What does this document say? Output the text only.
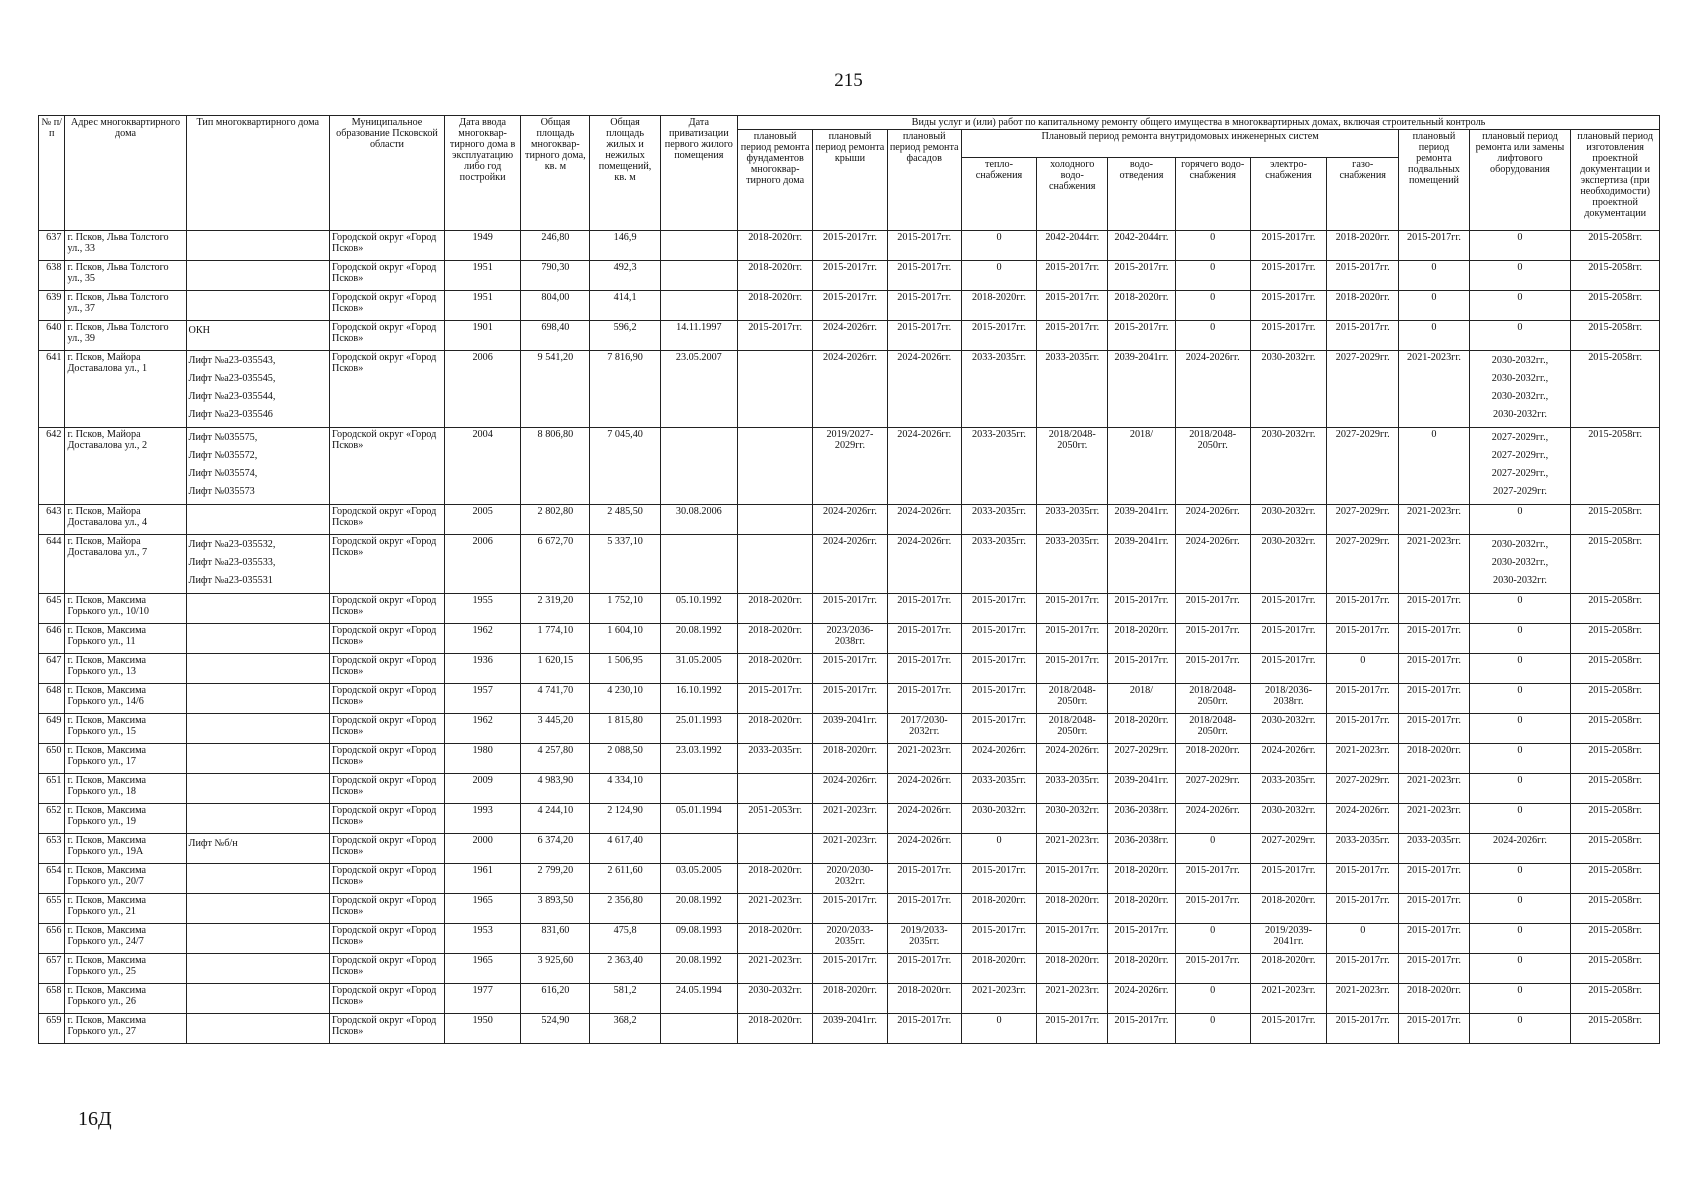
215
№ п/п	Адрес многоквартирного дома	Тип многоквартирного дома	Муниципальное образование Псковской области	Дата ввода многоквар-тирного дома в эксплуатацию либо год постройки	Общая площадь многоквар-тирного дома, кв. м	Общая площадь жилых и нежилых помещений, кв. м	Дата приватизации первого жилого помещения	Виды услуг и (или) работ по капитальному ремонту общего имущества в многоквартирных домах, включая строительный контроль											
								плановый период ремонта фундаментов многоквар-тирного дома	плановый период ремонта крыши	плановый период ремонта фасадов	Плановый период ремонта внутридомовых инженерных систем						плановый период ремонта подвальных помещений	плановый период ремонта или замены лифтового оборудования	плановый период изготовления проектной документации и экспертиза (при необходимости) проектной документации
											тепло-снабжения	холодного водо-снабжения	водо-отведения	горячего водо-снабжения	электро-снабжения	газо-снабжения			
637	г. Псков, Льва Толстого ул., 33		Городской округ «Город Псков»	1949	246,80	146,9		2018-2020гг.	2015-2017гг.	2015-2017гг.	0	2042-2044гг.	2042-2044гг.	0	2015-2017гг.	2018-2020гг.	2015-2017гг.	0	2015-2058гг.
638	г. Псков, Льва Толстого ул., 35		Городской округ «Город Псков»	1951	790,30	492,3		2018-2020гг.	2015-2017гг.	2015-2017гг.	0	2015-2017гг.	2015-2017гг.	0	2015-2017гг.	2015-2017гг.	0	0	2015-2058гг.
639	г. Псков, Льва Толстого ул., 37		Городской округ «Город Псков»	1951	804,00	414,1		2018-2020гг.	2015-2017гг.	2015-2017гг.	2018-2020гг.	2015-2017гг.	2018-2020гг.	0	2015-2017гг.	2018-2020гг.	0	0	2015-2058гг.
640	г. Псков, Льва Толстого ул., 39	ОКН	Городской округ «Город Псков»	1901	698,40	596,2	14.11.1997	2015-2017гг.	2024-2026гг.	2015-2017гг.	2015-2017гг.	2015-2017гг.	2015-2017гг.	0	2015-2017гг.	2015-2017гг.	0	0	2015-2058гг.
641	г. Псков, Майора Доставалова ул., 1	Лифт №а23-035543,
Лифт №а23-035545,
Лифт №а23-035544,
Лифт №а23-035546	Городской округ «Город Псков»	2006	9 541,20	7 816,90	23.05.2007		2024-2026гг.	2024-2026гг.	2033-2035гг.	2033-2035гг.	2039-2041гг.	2024-2026гг.	2030-2032гг.	2027-2029гг.	2021-2023гг.	2030-2032гг.,
2030-2032гг.,
2030-2032гг.,
2030-2032гг.	2015-2058гг.
642	г. Псков, Майора Доставалова ул., 2	Лифт №035575,
Лифт №035572,
Лифт №035574,
Лифт №035573	Городской округ «Город Псков»	2004	8 806,80	7 045,40			2019/2027-2029гг.	2024-2026гг.	2033-2035гг.	2018/2048-2050гг.	2018/	2018/2048-2050гг.	2030-2032гг.	2027-2029гг.	0	2027-2029гг.,
2027-2029гг.,
2027-2029гг.,
2027-2029гг.	2015-2058гг.
643	г. Псков, Майора Доставалова ул., 4		Городской округ «Город Псков»	2005	2 802,80	2 485,50	30.08.2006		2024-2026гг.	2024-2026гг.	2033-2035гг.	2033-2035гг.	2039-2041гг.	2024-2026гг.	2030-2032гг.	2027-2029гг.	2021-2023гг.	0	2015-2058гг.
644	г. Псков, Майора Доставалова ул., 7	Лифт №а23-035532,
Лифт №а23-035533,
Лифт №а23-035531	Городской округ «Город Псков»	2006	6 672,70	5 337,10			2024-2026гг.	2024-2026гг.	2033-2035гг.	2033-2035гг.	2039-2041гг.	2024-2026гг.	2030-2032гг.	2027-2029гг.	2021-2023гг.	2030-2032гг.,
2030-2032гг.,
2030-2032гг.	2015-2058гг.
645	г. Псков, Максима Горького ул., 10/10		Городской округ «Город Псков»	1955	2 319,20	1 752,10	05.10.1992	2018-2020гг.	2015-2017гг.	2015-2017гг.	2015-2017гг.	2015-2017гг.	2015-2017гг.	2015-2017гг.	2015-2017гг.	2015-2017гг.	2015-2017гг.	0	2015-2058гг.
646	г. Псков, Максима Горького ул., 11		Городской округ «Город Псков»	1962	1 774,10	1 604,10	20.08.1992	2018-2020гг.	2023/2036-2038гг.	2015-2017гг.	2015-2017гг.	2015-2017гг.	2018-2020гг.	2015-2017гг.	2015-2017гг.	2015-2017гг.	2015-2017гг.	0	2015-2058гг.
647	г. Псков, Максима Горького ул., 13		Городской округ «Город Псков»	1936	1 620,15	1 506,95	31.05.2005	2018-2020гг.	2015-2017гг.	2015-2017гг.	2015-2017гг.	2015-2017гг.	2015-2017гг.	2015-2017гг.	2015-2017гг.	0	2015-2017гг.	0	2015-2058гг.
648	г. Псков, Максима Горького ул., 14/6		Городской округ «Город Псков»	1957	4 741,70	4 230,10	16.10.1992	2015-2017гг.	2015-2017гг.	2015-2017гг.	2015-2017гг.	2018/2048-2050гг.	2018/	2018/2048-2050гг.	2018/2036-2038гг.	2015-2017гг.	2015-2017гг.	0	2015-2058гг.
649	г. Псков, Максима Горького ул., 15		Городской округ «Город Псков»	1962	3 445,20	1 815,80	25.01.1993	2018-2020гг.	2039-2041гг.	2017/2030-2032гг.	2015-2017гг.	2018/2048-2050гг.	2018-2020гг.	2018/2048-2050гг.	2030-2032гг.	2015-2017гг.	2015-2017гг.	0	2015-2058гг.
650	г. Псков, Максима Горького ул., 17		Городской округ «Город Псков»	1980	4 257,80	2 088,50	23.03.1992	2033-2035гг.	2018-2020гг.	2021-2023гг.	2024-2026гг.	2024-2026гг.	2027-2029гг.	2018-2020гг.	2024-2026гг.	2021-2023гг.	2018-2020гг.	0	2015-2058гг.
651	г. Псков, Максима Горького ул., 18		Городской округ «Город Псков»	2009	4 983,90	4 334,10			2024-2026гг.	2024-2026гг.	2033-2035гг.	2033-2035гг.	2039-2041гг.	2027-2029гг.	2033-2035гг.	2027-2029гг.	2021-2023гг.	0	2015-2058гг.
652	г. Псков, Максима Горького ул., 19		Городской округ «Город Псков»	1993	4 244,10	2 124,90	05.01.1994	2051-2053гг.	2021-2023гг.	2024-2026гг.	2030-2032гг.	2030-2032гг.	2036-2038гг.	2024-2026гг.	2030-2032гг.	2024-2026гг.	2021-2023гг.	0	2015-2058гг.
653	г. Псков, Максима Горького ул., 19А	Лифт №б/н	Городской округ «Город Псков»	2000	6 374,20	4 617,40			2021-2023гг.	2024-2026гг.	0	2021-2023гг.	2036-2038гг.	0	2027-2029гг.	2033-2035гг.	2033-2035гг.	2024-2026гг.	2015-2058гг.
654	г. Псков, Максима Горького ул., 20/7		Городской округ «Город Псков»	1961	2 799,20	2 611,60	03.05.2005	2018-2020гг.	2020/2030-2032гг.	2015-2017гг.	2015-2017гг.	2015-2017гг.	2018-2020гг.	2015-2017гг.	2015-2017гг.	2015-2017гг.	2015-2017гг.	0	2015-2058гг.
655	г. Псков, Максима Горького ул., 21		Городской округ «Город Псков»	1965	3 893,50	2 356,80	20.08.1992	2021-2023гг.	2015-2017гг.	2015-2017гг.	2018-2020гг.	2018-2020гг.	2018-2020гг.	2015-2017гг.	2018-2020гг.	2015-2017гг.	2015-2017гг.	0	2015-2058гг.
656	г. Псков, Максима Горького ул., 24/7		Городской округ «Город Псков»	1953	831,60	475,8	09.08.1993	2018-2020гг.	2020/2033-2035гг.	2019/2033-2035гг.	2015-2017гг.	2015-2017гг.	2015-2017гг.	0	2019/2039-2041гг.	0	2015-2017гг.	0	2015-2058гг.
657	г. Псков, Максима Горького ул., 25		Городской округ «Город Псков»	1965	3 925,60	2 363,40	20.08.1992	2021-2023гг.	2015-2017гг.	2015-2017гг.	2018-2020гг.	2018-2020гг.	2018-2020гг.	2015-2017гг.	2018-2020гг.	2015-2017гг.	2015-2017гг.	0	2015-2058гг.
658	г. Псков, Максима Горького ул., 26		Городской округ «Город Псков»	1977	616,20	581,2	24.05.1994	2030-2032гг.	2018-2020гг.	2018-2020гг.	2021-2023гг.	2021-2023гг.	2024-2026гг.	0	2021-2023гг.	2021-2023гг.	2018-2020гг.	0	2015-2058гг.
659	г. Псков, Максима Горького ул., 27		Городской округ «Город Псков»	1950	524,90	368,2		2018-2020гг.	2039-2041гг.	2015-2017гг.	0	2015-2017гг.	2015-2017гг.	0	2015-2017гг.	2015-2017гг.	2015-2017гг.	0	2015-2058гг.
16Д
